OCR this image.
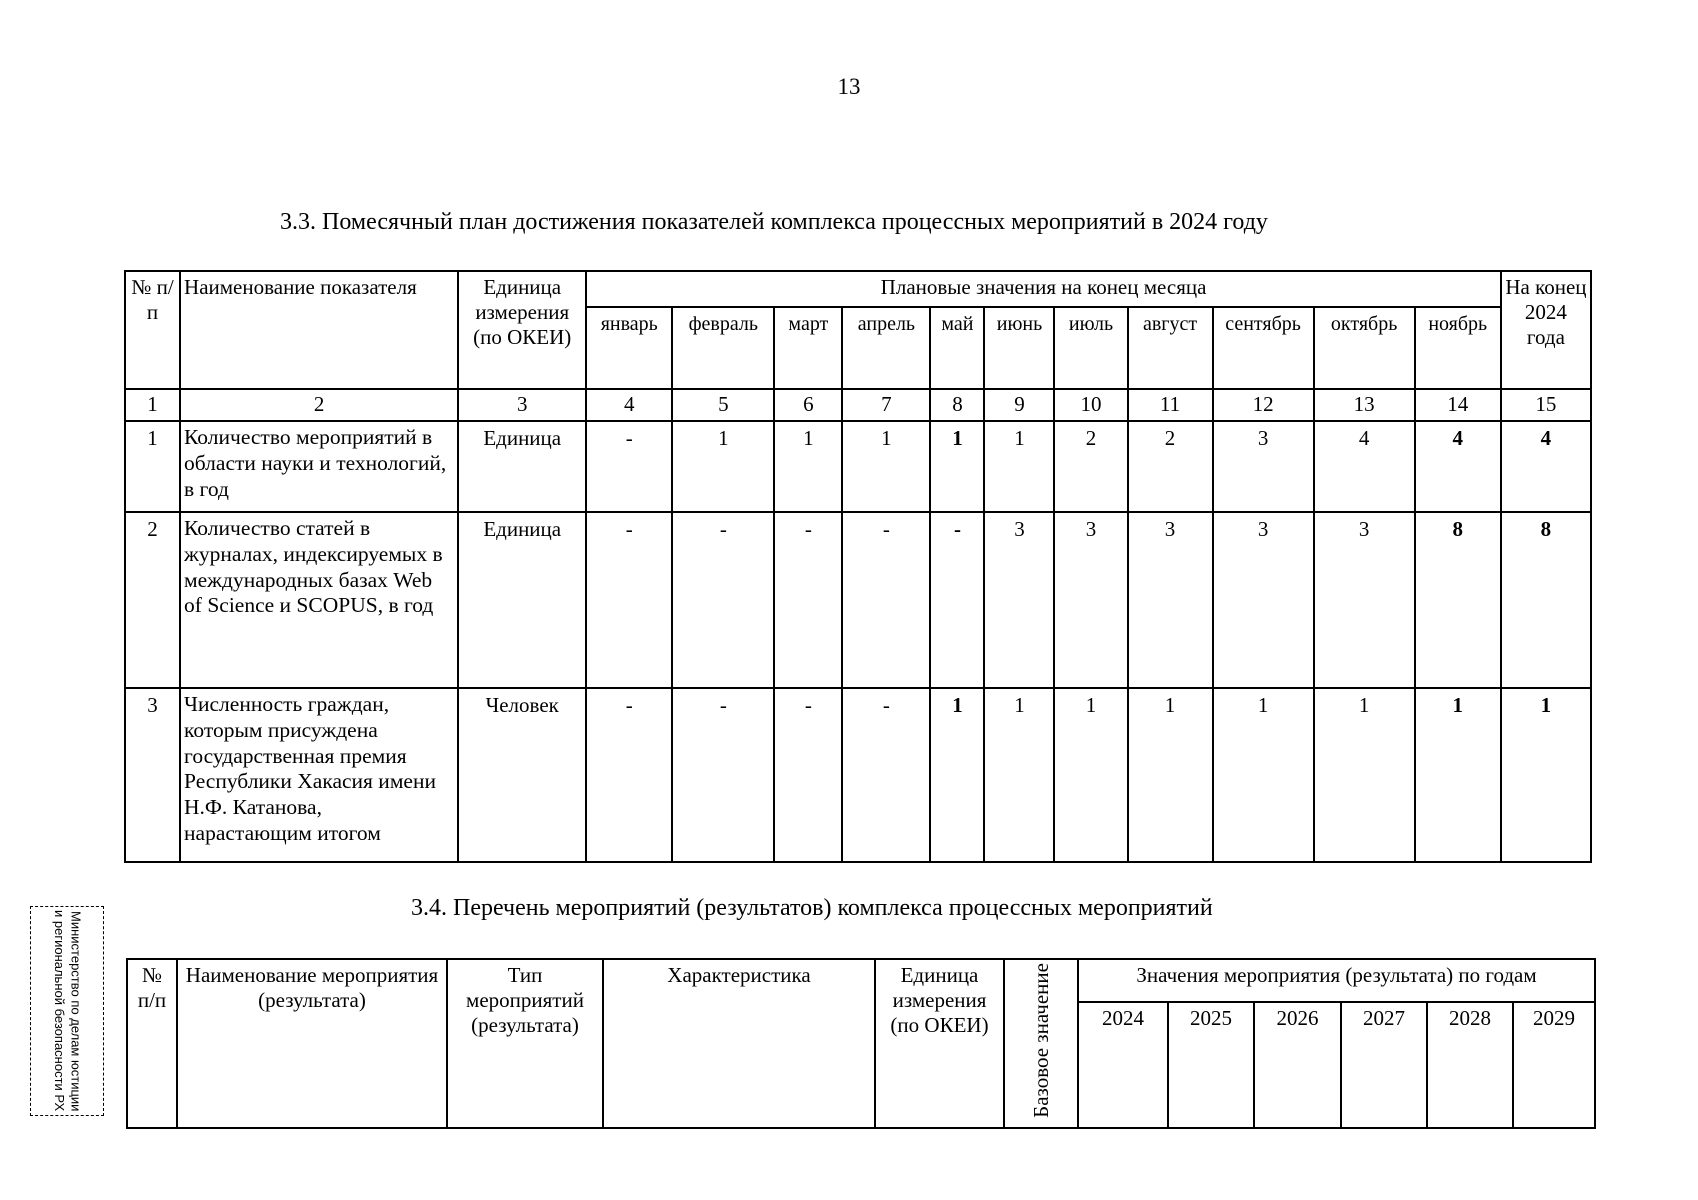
13
3.3. Помесячный план достижения показателей комплекса процессных мероприятий в 2024 году
№ п/п	Наименование показателя	Единица измерения (по ОКЕИ)	Плановые значения на конец месяца											На конец 2024 года
			январь	февраль	март	апрель	май	июнь	июль	август	сентябрь	октябрь	ноябрь	
1	2	3	4	5	6	7	8	9	10	11	12	13	14	15
1	Количество мероприятий в области науки и технологий, в год	Единица	-	1	1	1	1	1	2	2	3	4	4	4
2	Количество статей в журналах, индексируемых в международных базах Web of Science и SCOPUS, в год	Единица	-	-	-	-	-	3	3	3	3	3	8	8
3	Численность граждан, которым присуждена государственная премия Республики Хакасия имени Н.Ф. Катанова, нарастающим итогом	Человек	-	-	-	-	1	1	1	1	1	1	1	1
3.4. Перечень мероприятий (результатов) комплекса процессных мероприятий
№ п/п	Наименование мероприятия (результата)	Тип мероприятий (результата)	Характеристика	Единица измерения (по ОКЕИ)	Базовое значение	Значения мероприятия (результата) по годам					
						2024	2025	2026	2027	2028	2029
Министерство по делам юстиции и региональной безопасности РХ
